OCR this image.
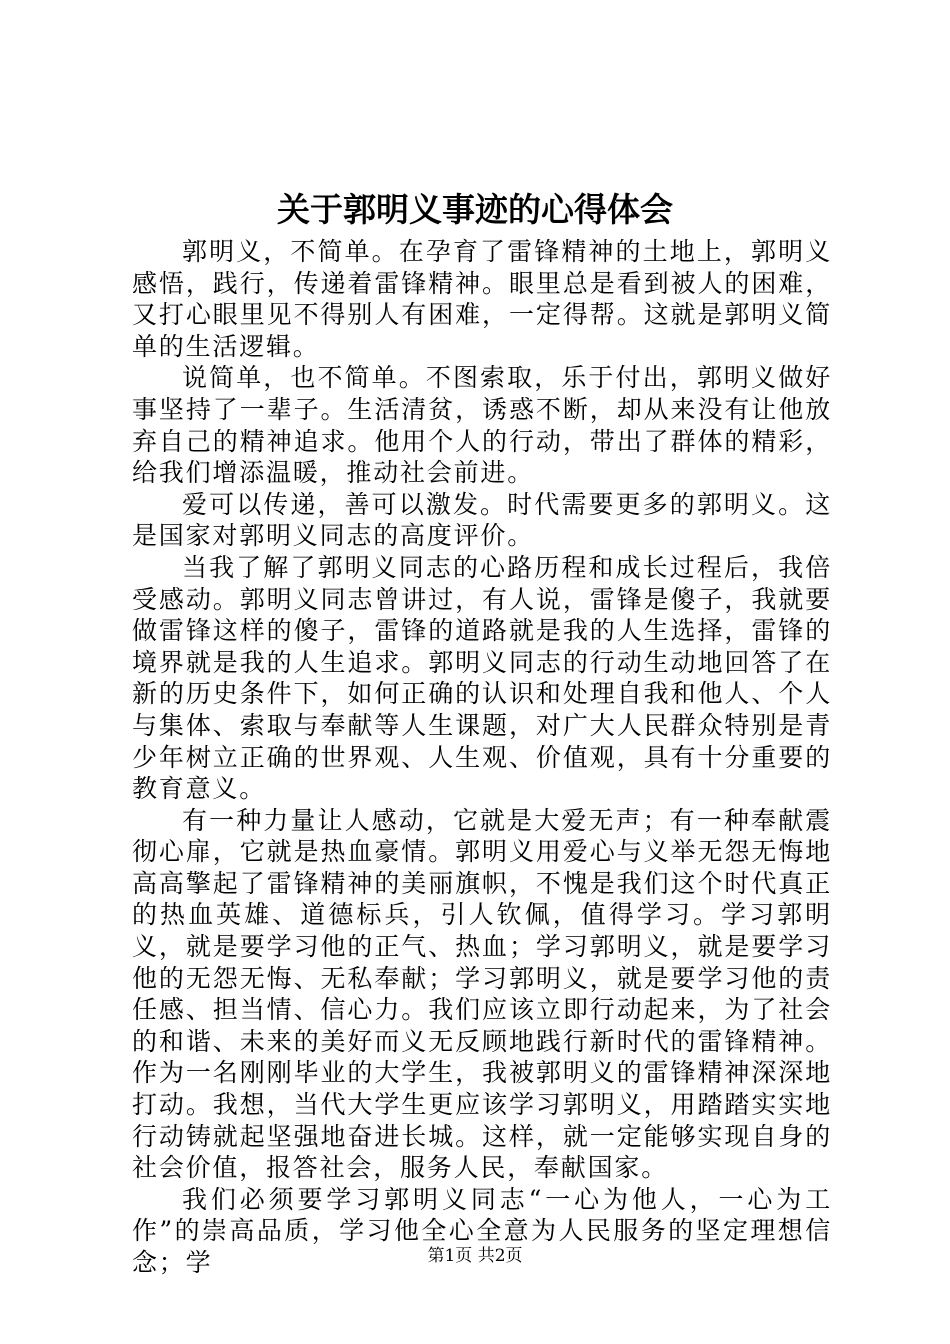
关于郭明义事迹的心得体会

郭明义，不简单。在孕育了雷锋精神的土地上，郭明义感悟，践行，传递着雷锋精神。眼里总是看到被人的困难，又打心眼里见不得别人有困难，一定得帮。这就是郭明义简单的生活逻辑。

说简单，也不简单。不图索取，乐于付出，郭明义做好事坚持了一辈子。生活清贫，诱惑不断，却从来没有让他放弃自己的精神追求。他用个人的行动，带出了群体的精彩，给我们增添温暖，推动社会前进。

爱可以传递，善可以激发。时代需要更多的郭明义。这是国家对郭明义同志的高度评价。

当我了解了郭明义同志的心路历程和成长过程后，我倍受感动。郭明义同志曾讲过，有人说，雷锋是傻子，我就要做雷锋这样的傻子，雷锋的道路就是我的人生选择，雷锋的境界就是我的人生追求。郭明义同志的行动生动地回答了在新的历史条件下，如何正确的认识和处理自我和他人、个人与集体、索取与奉献等人生课题，对广大人民群众特别是青少年树立正确的世界观、人生观、价值观，具有十分重要的教育意义。

有一种力量让人感动，它就是大爱无声；有一种奉献震彻心扉，它就是热血豪情。郭明义用爱心与义举无怨无悔地高高擎起了雷锋精神的美丽旗帜，不愧是我们这个时代真正的热血英雄、道德标兵，引人钦佩，值得学习。学习郭明义，就是要学习他的正气、热血；学习郭明义，就是要学习他的无怨无悔、无私奉献；学习郭明义，就是要学习他的责任感、担当情、信心力。我们应该立即行动起来，为了社会的和谐、未来的美好而义无反顾地践行新时代的雷锋精神。作为一名刚刚毕业的大学生，我被郭明义的雷锋精神深深地打动。我想，当代大学生更应该学习郭明义，用踏踏实实地行动铸就起坚强地奋进长城。这样，就一定能够实现自身的社会价值，报答社会，服务人民，奉献国家。

我们必须要学习郭明义同志“一心为他人，一心为工作”的崇高品质，学习他全心全意为人民服务的坚定理想信念；学	第1页 共2页
